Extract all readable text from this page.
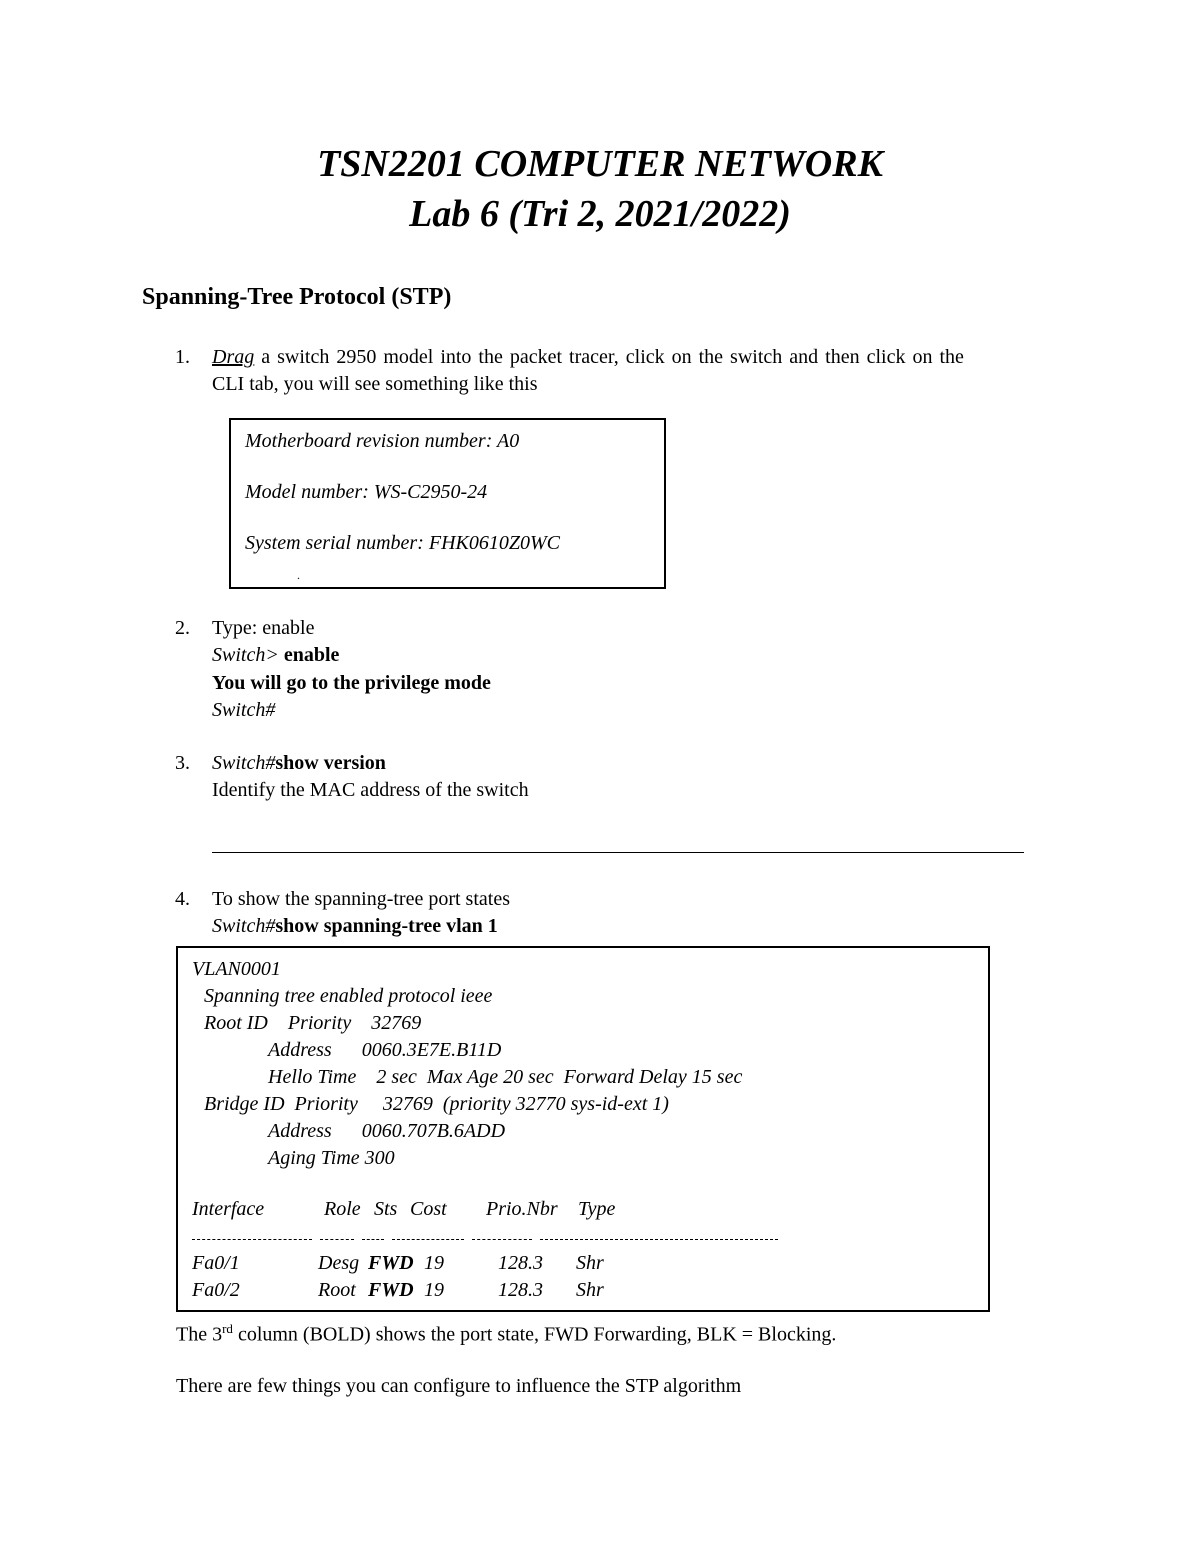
TSN2201 COMPUTER NETWORK
Lab 6 (Tri 2, 2021/2022)
Spanning-Tree Protocol (STP)
1. Drag a switch 2950 model into the packet tracer, click on the switch and then click on the
CLI tab, you will see something like this
Motherboard revision number: A0
Model number: WS-C2950-24
System serial number: FHK0610Z0WC
.
2. Type: enable
Switch> enable
You will go to the privilege mode
Switch#
3. Switch#show version
Identify the MAC address of the switch
4. To show the spanning-tree port states
Switch#show spanning-tree vlan 1
VLAN0001
Spanning tree enabled protocol ieee
Root ID    Priority    32769
Address      0060.3E7E.B11D
Hello Time    2 sec  Max Age 20 sec  Forward Delay 15 sec
Bridge ID  Priority     32769  (priority 32770 sys-id-ext 1)
Address      0060.707B.6ADD
Aging Time 300
Interface	Role Sts Cost Prio.Nbr Type
Fa0/1	Desg FWD 19	128.3 Shr
Fa0/2	Root FWD 19	128.3 Shr
The 3rd column (BOLD) shows the port state, FWD Forwarding, BLK = Blocking.
There are few things you can configure to influence the STP algorithm
